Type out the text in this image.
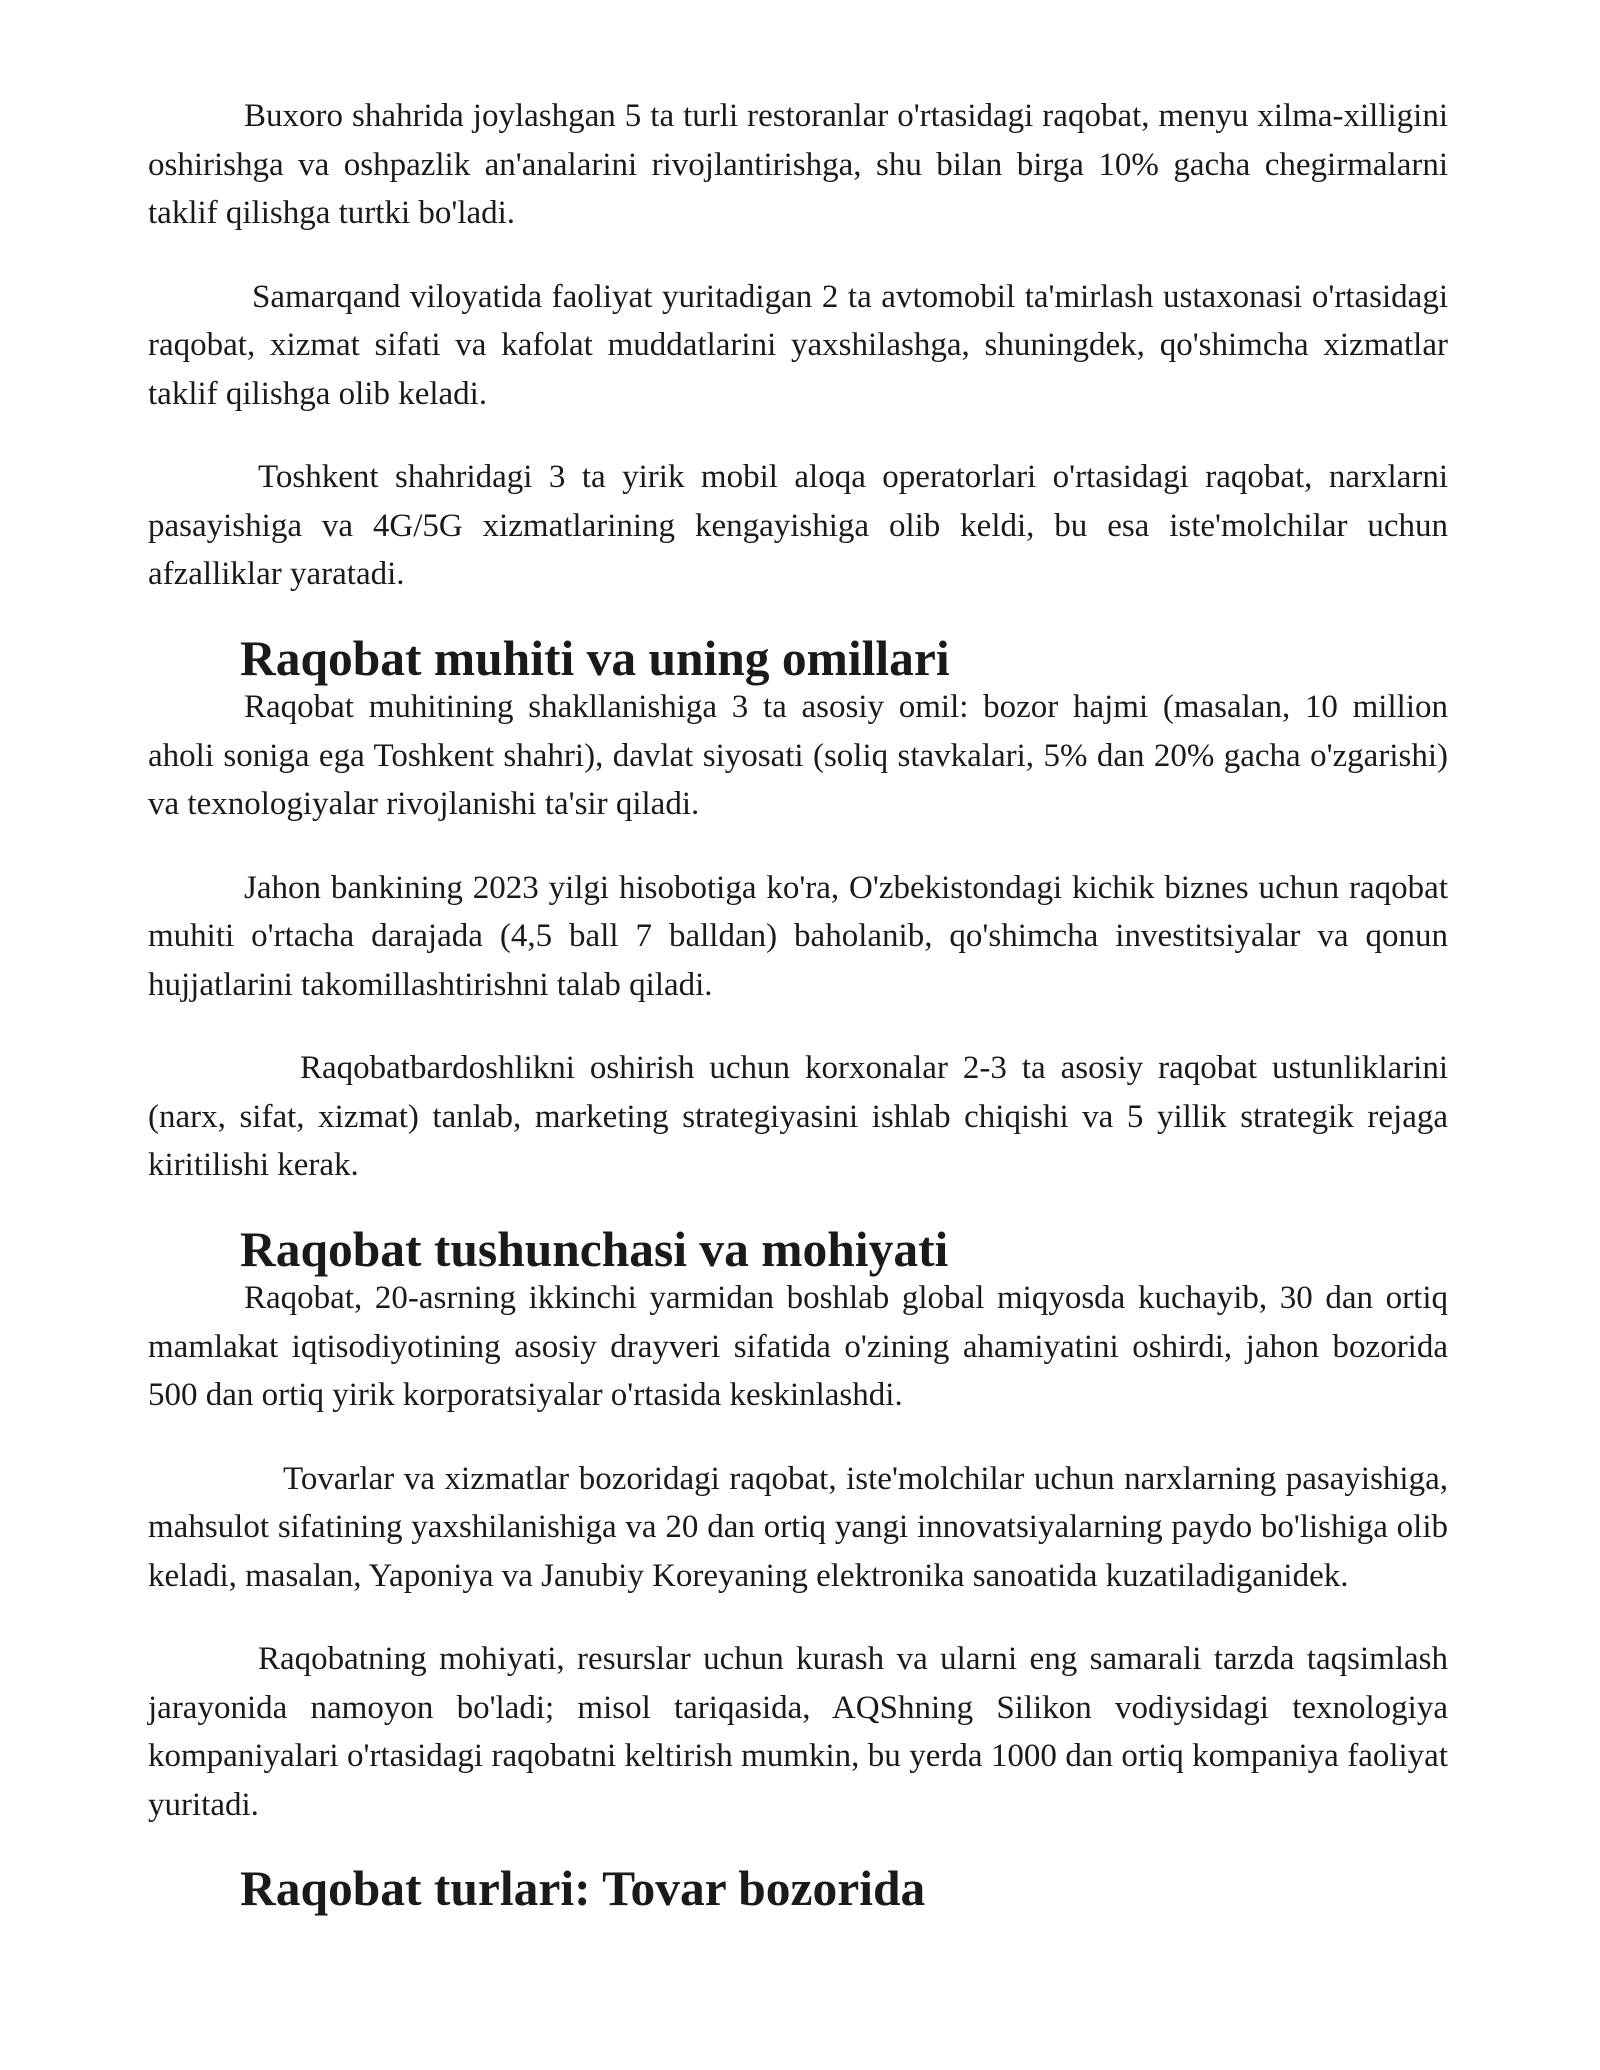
Buxoro shahrida joylashgan 5 ta turli restoranlar o'rtasidagi raqobat, menyu xilma-xilligini oshirishga va oshpazlik an'analarini rivojlantirishga, shu bilan birga 10% gacha chegirmalarni taklif qilishga turtki bo'ladi.

Samarqand viloyatida faoliyat yuritadigan 2 ta avtomobil ta'mirlash ustaxonasi o'rtasidagi raqobat, xizmat sifati va kafolat muddatlarini yaxshilashga, shuningdek, qo'shimcha xizmatlar taklif qilishga olib keladi.

Toshkent shahridagi 3 ta yirik mobil aloqa operatorlari o'rtasidagi raqobat, narxlarni pasayishiga va 4G/5G xizmatlarining kengayishiga olib keldi, bu esa iste'molchilar uchun afzalliklar yaratadi.

Raqobat muhiti va uning omillari

Raqobat muhitining shakllanishiga 3 ta asosiy omil: bozor hajmi (masalan, 10 million aholi soniga ega Toshkent shahri), davlat siyosati (soliq stavkalari, 5% dan 20% gacha o'zgarishi) va texnologiyalar rivojlanishi ta'sir qiladi.

Jahon bankining 2023 yilgi hisobotiga ko'ra, O'zbekistondagi kichik biznes uchun raqobat muhiti o'rtacha darajada (4,5 ball 7 balldan) baholanib, qo'shimcha investitsiyalar va qonun hujjatlarini takomillashtirishni talab qiladi.

Raqobatbardoshlikni oshirish uchun korxonalar 2-3 ta asosiy raqobat ustunliklarini (narx, sifat, xizmat) tanlab, marketing strategiyasini ishlab chiqishi va 5 yillik strategik rejaga kiritilishi kerak.

Raqobat tushunchasi va mohiyati

Raqobat, 20-asrning ikkinchi yarmidan boshlab global miqyosda kuchayib, 30 dan ortiq mamlakat iqtisodiyotining asosiy drayveri sifatida o'zining ahamiyatini oshirdi, jahon bozorida 500 dan ortiq yirik korporatsiyalar o'rtasida keskinlashdi.

Tovarlar va xizmatlar bozoridagi raqobat, iste'molchilar uchun narxlarning pasayishiga, mahsulot sifatining yaxshilanishiga va 20 dan ortiq yangi innovatsiyalarning paydo bo'lishiga olib keladi, masalan, Yaponiya va Janubiy Koreyaning elektronika sanoatida kuzatiladiganidek.

Raqobatning mohiyati, resurslar uchun kurash va ularni eng samarali tarzda taqsimlash jarayonida namoyon bo'ladi; misol tariqasida, AQShning Silikon vodiysidagi texnologiya kompaniyalari o'rtasidagi raqobatni keltirish mumkin, bu yerda 1000 dan ortiq kompaniya faoliyat yuritadi.

Raqobat turlari: Tovar bozorida
